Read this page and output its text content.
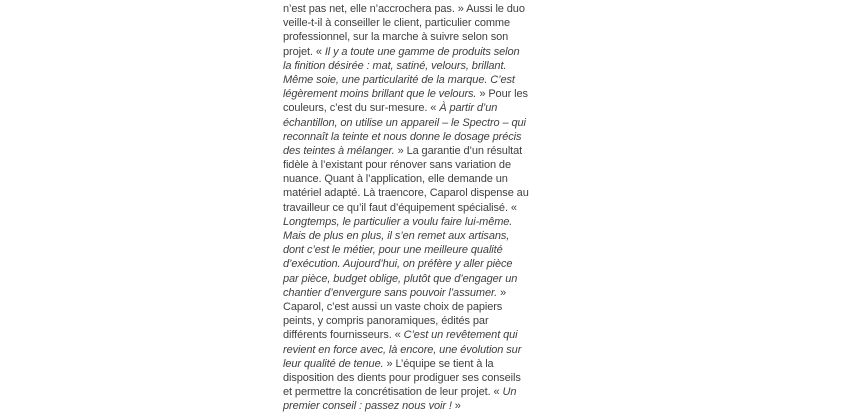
n’est pas net, elle n’accrochera pas. » Aussi le duo
veille-t-il à conseiller le client, particulier comme
professionnel, sur la marche à suivre selon son
projet. « Il y a toute une gamme de produits selon
la finition désirée : mat, satiné, velours, brillant.
Même soie, une particularité de la marque. C’est
légèrement moins brillant que le velours. » Pour les
couleurs, c’est du sur-mesure. « À partir d’un
échantillon, on utilise un appareil – le Spectro – qui
reconnaît la teinte et nous donne le dosage précis
des teintes à mélanger. » La garantie d’un résultat
fidèle à l’existant pour rénover sans variation de
nuance. Quant à l’application, elle demande un
matériel adapté. Là traencore, Caparol dispense au
travailleur ce qu’il faut d’équipement spécialisé. «
Longtemps, le particulier a voulu faire lui-même.
Mais de plus en plus, il s’en remet aux artisans,
dont c’est le métier, pour une meilleure qualité
d’exécution. Aujourd’hui, on préfère y aller pièce
par pièce, budget oblige, plutôt que d’engager un
chantier d’envergure sans pouvoir l’assumer. »
Caparol, c’est aussi un vaste choix de papiers
peints, y compris panoramiques, édités par
différents fournisseurs. « C’est un revêtement qui
revient en force avec, là encore, une évolution sur
leur qualité de tenue. » L’équipe se tient à la
disposition des dients pour prodiguer ses conseils
et permettre la concrétisation de leur projet. « Un
premier conseil : passez nous voir ! »
